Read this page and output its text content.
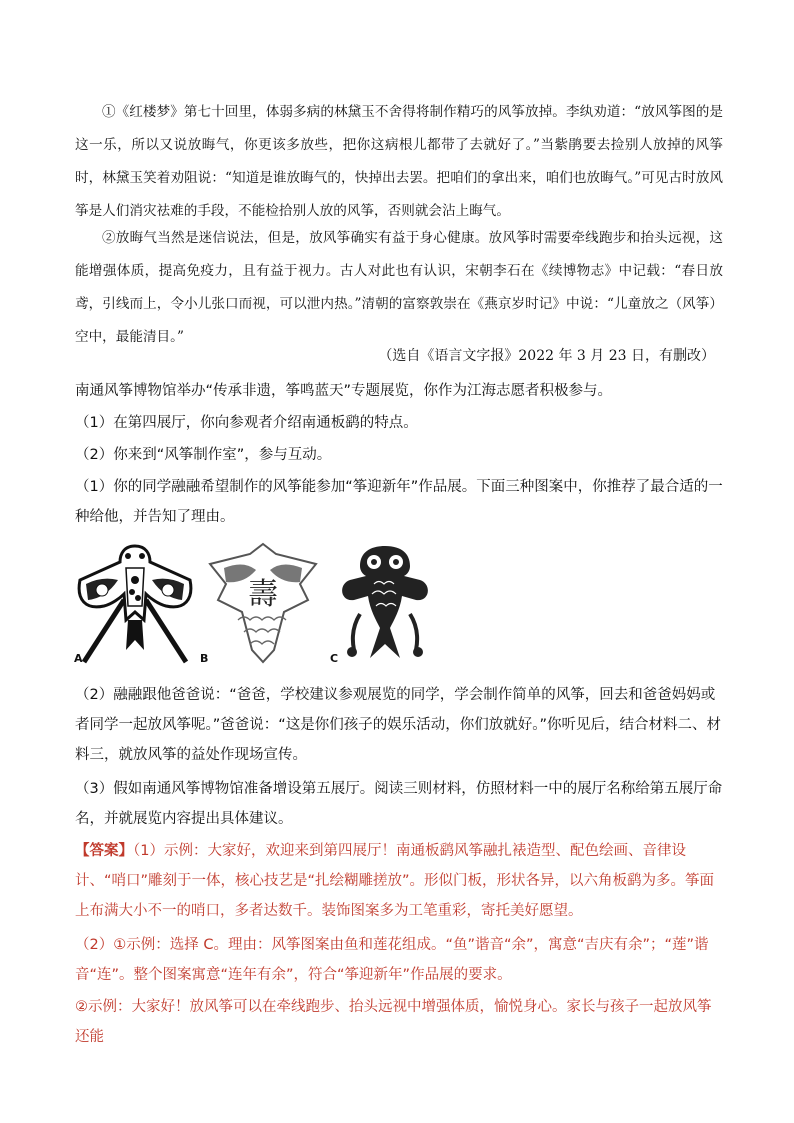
①《红楼梦》第七十回里，体弱多病的林黛玉不舍得将制作精巧的风筝放掉。李纨劝道：“放风筝图的是这一乐，所以又说放晦气，你更该多放些，把你这病根儿都带了去就好了。”当紫鹃要去捡别人放掉的风筝时，林黛玉笑着劝阻说：“知道是谁放晦气的，快掉出去罢。把咱们的拿出来，咱们也放晦气。”可见古时放风筝是人们消灾祛难的手段，不能检拾别人放的风筝，否则就会沾上晦气。
②放晦气当然是迷信说法，但是，放风筝确实有益于身心健康。放风筝时需要牵线跑步和抬头远视，这能增强体质，提高免疫力，且有益于视力。古人对此也有认识，宋朝李石在《续博物志》中记载：“春日放鸢，引线而上，令小儿张口而视，可以泄内热。”清朝的富察敦崇在《燕京岁时记》中说：“儿童放之（风筝）空中，最能清目。”
（选自《语言文字报》2022 年 3 月 23 日，有删改）
南通风筝博物馆举办“传承非遗，筝鸣蓝天”专题展览，你作为江海志愿者积极参与。
（1）在第四展厅，你向参观者介绍南通板鹞的特点。
（2）你来到“风筝制作室”，参与互动。
（1）你的同学融融希望制作的风筝能参加“筝迎新年”作品展。下面三种图案中，你推荐了最合适的一种给他，并告知了理由。
壽
A	B	C
（2）融融跟他爸爸说：“爸爸，学校建议参观展览的同学，学会制作简单的风筝，回去和爸爸妈妈或者同学一起放风筝呢。”爸爸说：“这是你们孩子的娱乐活动，你们放就好。”你听见后，结合材料二、材料三，就放风筝的益处作现场宣传。
（3）假如南通风筝博物馆准备增设第五展厅。阅读三则材料，仿照材料一中的展厅名称给第五展厅命名，并就展览内容提出具体建议。
【答案】（1）示例：大家好，欢迎来到第四展厅！南通板鹞风筝融扎裱造型、配色绘画、音律设计、“哨口”雕刻于一体，核心技艺是“扎绘糊雕搓放”。形似门板，形状各异，以六角板鹞为多。筝面上布满大小不一的哨口，多者达数千。装饰图案多为工笔重彩，寄托美好愿望。
（2）①示例：选择 C。理由：风筝图案由鱼和莲花组成。“鱼”谐音“余”，寓意“吉庆有余”；“莲”谐音“连”。整个图案寓意“连年有余”，符合“筝迎新年”作品展的要求。
②示例：大家好！放风筝可以在牵线跑步、抬头远视中增强体质，愉悦身心。家长与孩子一起放风筝还能
